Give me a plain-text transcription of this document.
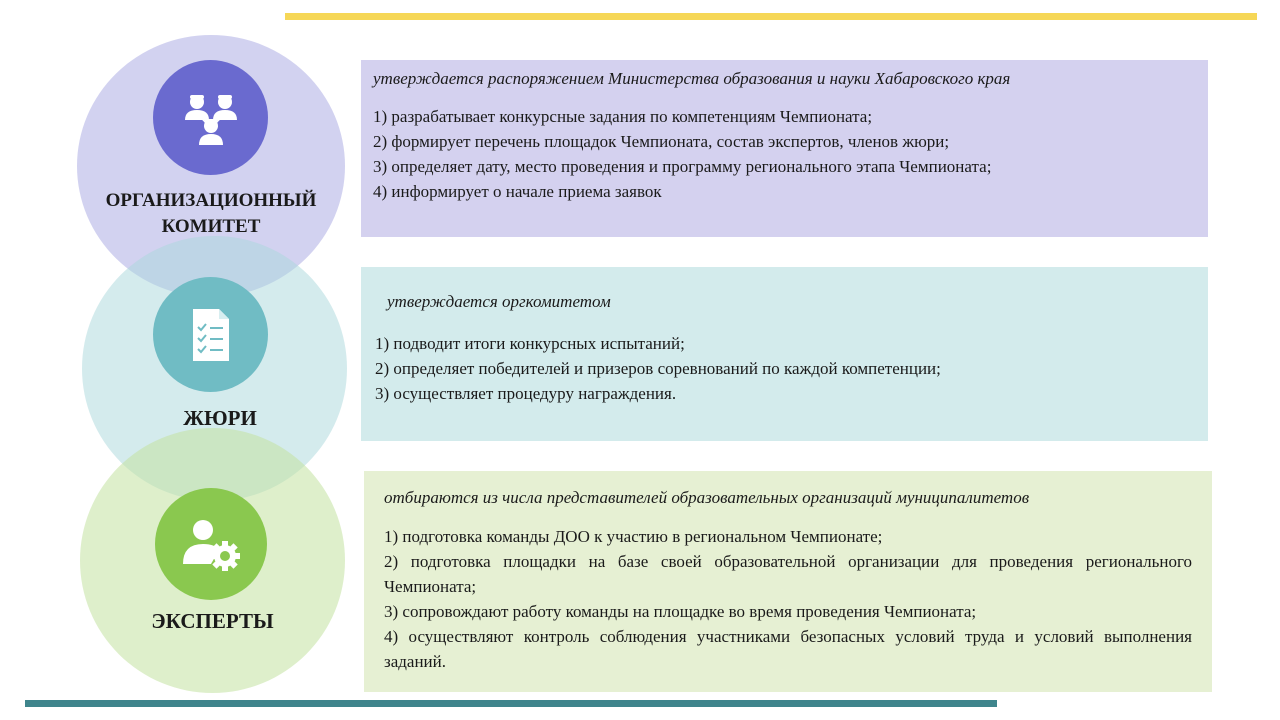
ОРГАНИЗАЦИОННЫЙ
КОМИТЕТ
ЖЮРИ
ЭКСПЕРТЫ
утверждается распоряжением Министерства образования и науки Хабаровского края
1) разрабатывает конкурсные задания по компетенциям Чемпионата;
2) формирует перечень площадок Чемпионата, состав экспертов, членов жюри;
3) определяет дату, место проведения и программу регионального этапа Чемпионата;
4) информирует о начале приема заявок
утверждается оргкомитетом
1) подводит итоги конкурсных испытаний;
2) определяет победителей и призеров соревнований по каждой компетенции;
3) осуществляет процедуру награждения.
отбираются из числа представителей образовательных организаций муниципалитетов
1) подготовка команды ДОО к участию в региональном Чемпионате;
2) подготовка площадки на базе своей образовательной организации для проведения регионального Чемпионата;
3) сопровождают работу команды на площадке во время проведения Чемпионата;
4) осуществляют контроль соблюдения участниками безопасных условий труда и условий выполнения заданий.
